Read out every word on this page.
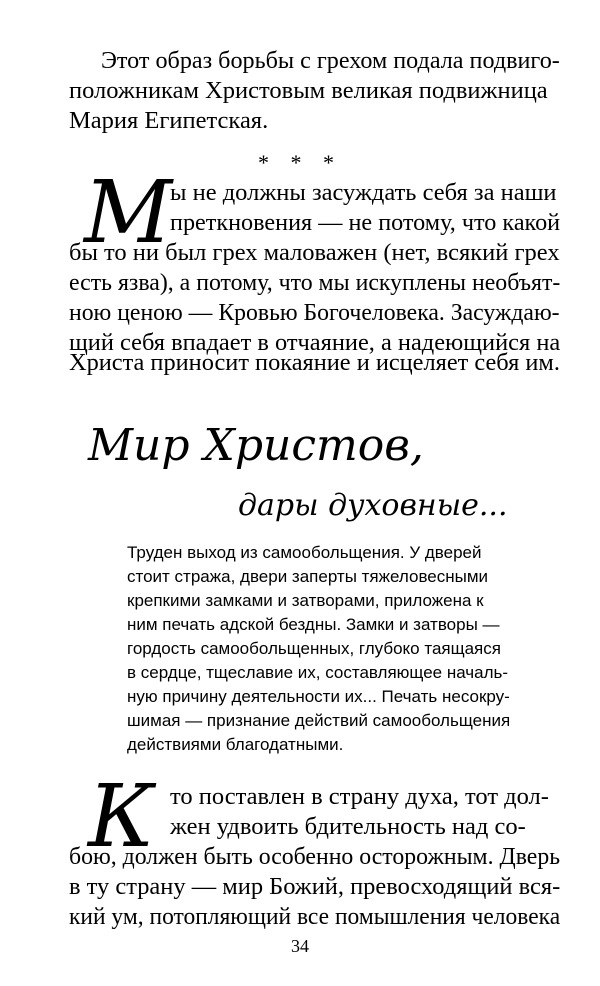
Этот образ борьбы с грехом подала подвиго-
положникам Христовым великая подвижница
Мария Египетская.
* * *
М
ы не должны засуждать себя за наши
преткновения — не потому, что какой
бы то ни был грех маловажен (нет, всякий грех
есть язва), а потому, что мы искуплены необъят-
ною ценою — Кровью Богочеловека. Засуждаю-
щий себя впадает в отчаяние, а надеющийся на
Христа приносит покаяние и исцеляет себя им.
Мир Христов,
дары духовные...
Труден выход из самообольщения. У дверей
стоит стража, двери заперты тяжеловесными
крепкими замками и затворами, приложена к
ним печать адской бездны. Замки и затворы —
гордость самообольщенных, глубоко таящаяся
в сердце, тщеславие их, составляющее началь-
ную причину деятельности их... Печать несокру-
шимая — признание действий самообольщения
действиями благодатными.
К то поставлен в страну духа, тот дол-
жен удвоить бдительность над со-
бою, должен быть особенно осторожным. Дверь
в ту страну — мир Божий, превосходящий вся-
кий ум, потопляющий все помышления человека
34
